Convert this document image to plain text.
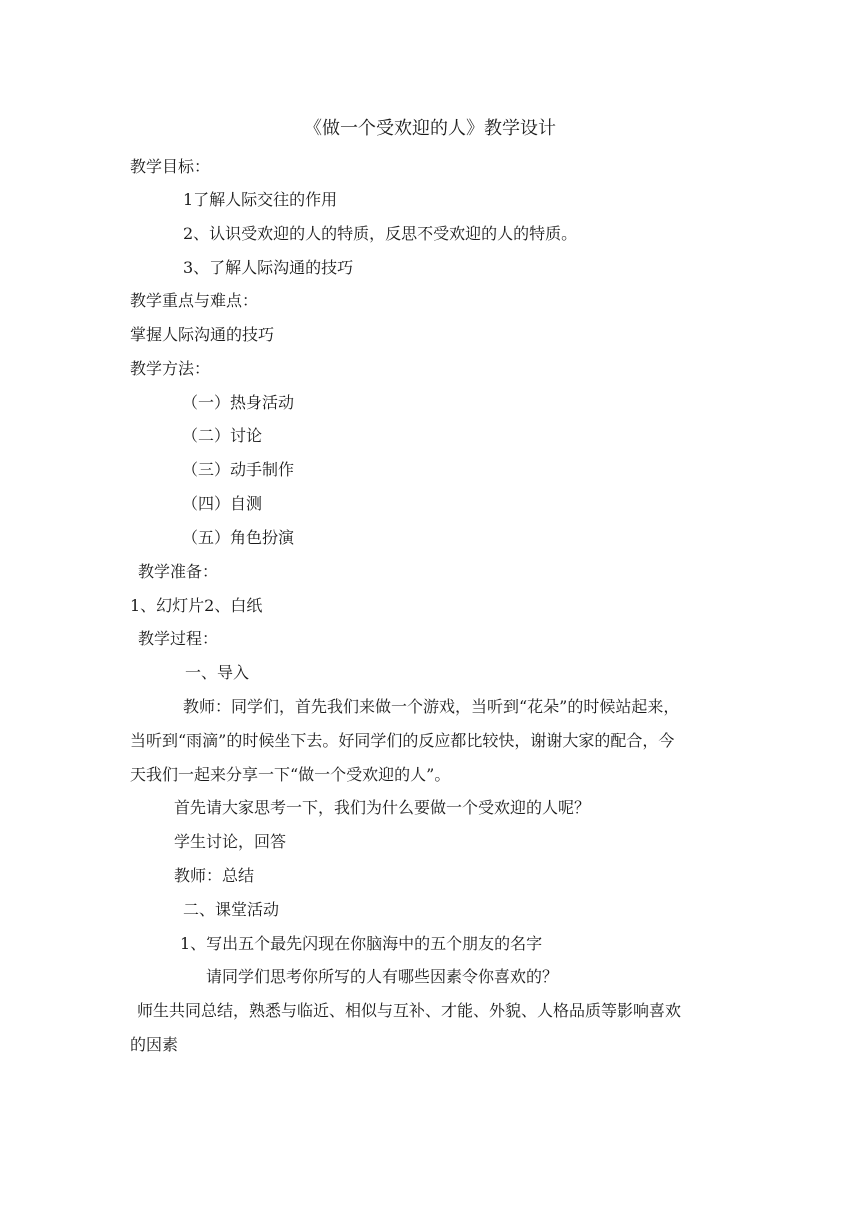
《做一个受欢迎的人》教学设计
教学目标：
1了解人际交往的作用
2、认识受欢迎的人的特质，反思不受欢迎的人的特质。
3、了解人际沟通的技巧
教学重点与难点：
掌握人际沟通的技巧
教学方法：
（一）热身活动
（二）讨论
（三）动手制作
（四）自测
（五）角色扮演
教学准备：
1、幻灯片2、白纸
教学过程：
一、导入
教师：同学们，首先我们来做一个游戏，当听到“花朵”的时候站起来，
当听到“雨滴”的时候坐下去。好同学们的反应都比较快，谢谢大家的配合，今
天我们一起来分享一下“做一个受欢迎的人”。
首先请大家思考一下，我们为什么要做一个受欢迎的人呢？
学生讨论，回答
教师：总结
二、课堂活动
1、写出五个最先闪现在你脑海中的五个朋友的名字
请同学们思考你所写的人有哪些因素令你喜欢的？
师生共同总结，熟悉与临近、相似与互补、才能、外貌、人格品质等影响喜欢
的因素
